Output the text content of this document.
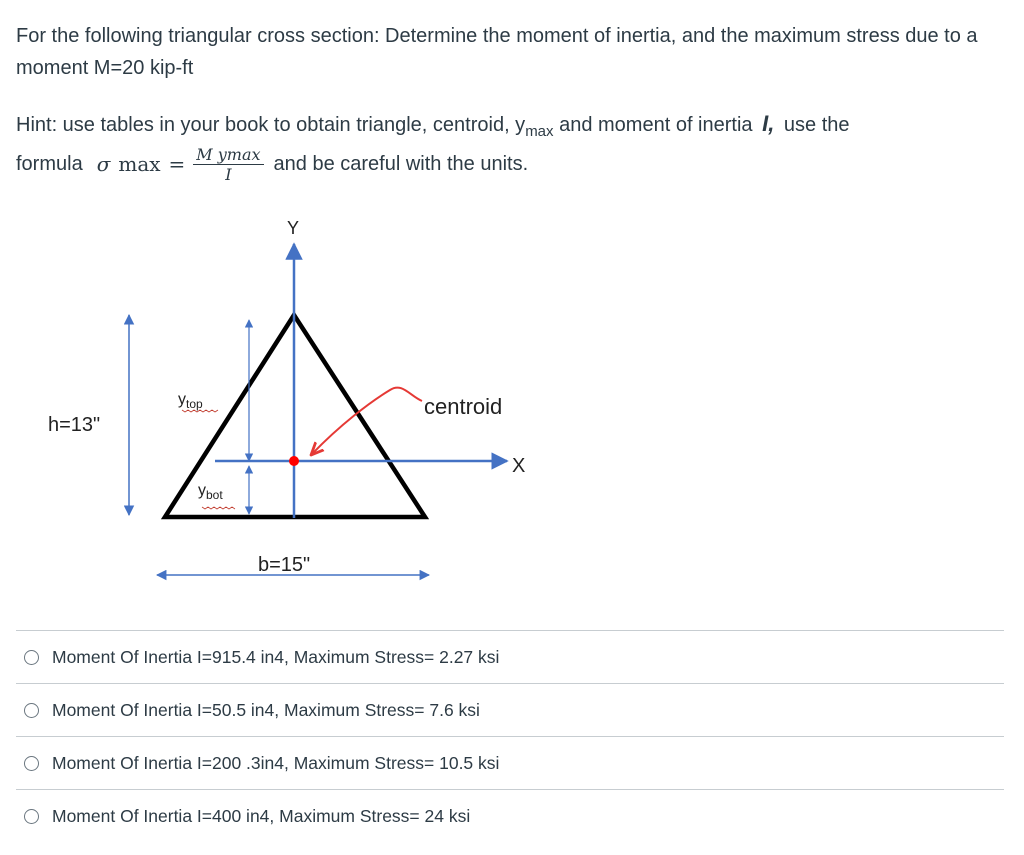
For the following triangular cross section: Determine the moment of inertia, and the maximum stress due to a moment M=20 kip-ft
Hint: use tables in your book to obtain triangle, centroid, $y_{max}$ and moment of inertia I, use the
formula σ $\max = \frac{\text{M ymax}}{I}$ and be careful with the units.
h=13"
Y
X
centroid
$y_{top}$
$y_{bot}$
b=15"
Moment Of Inertia I=915.4 in4, Maximum Stress= 2.27 ksi
Moment Of Inertia I=50.5 in4, Maximum Stress= 7.6 ksi
Moment Of Inertia I=200 .3in4, Maximum Stress= 10.5 ksi
Moment Of Inertia I=400 in4, Maximum Stress= 24 ksi
